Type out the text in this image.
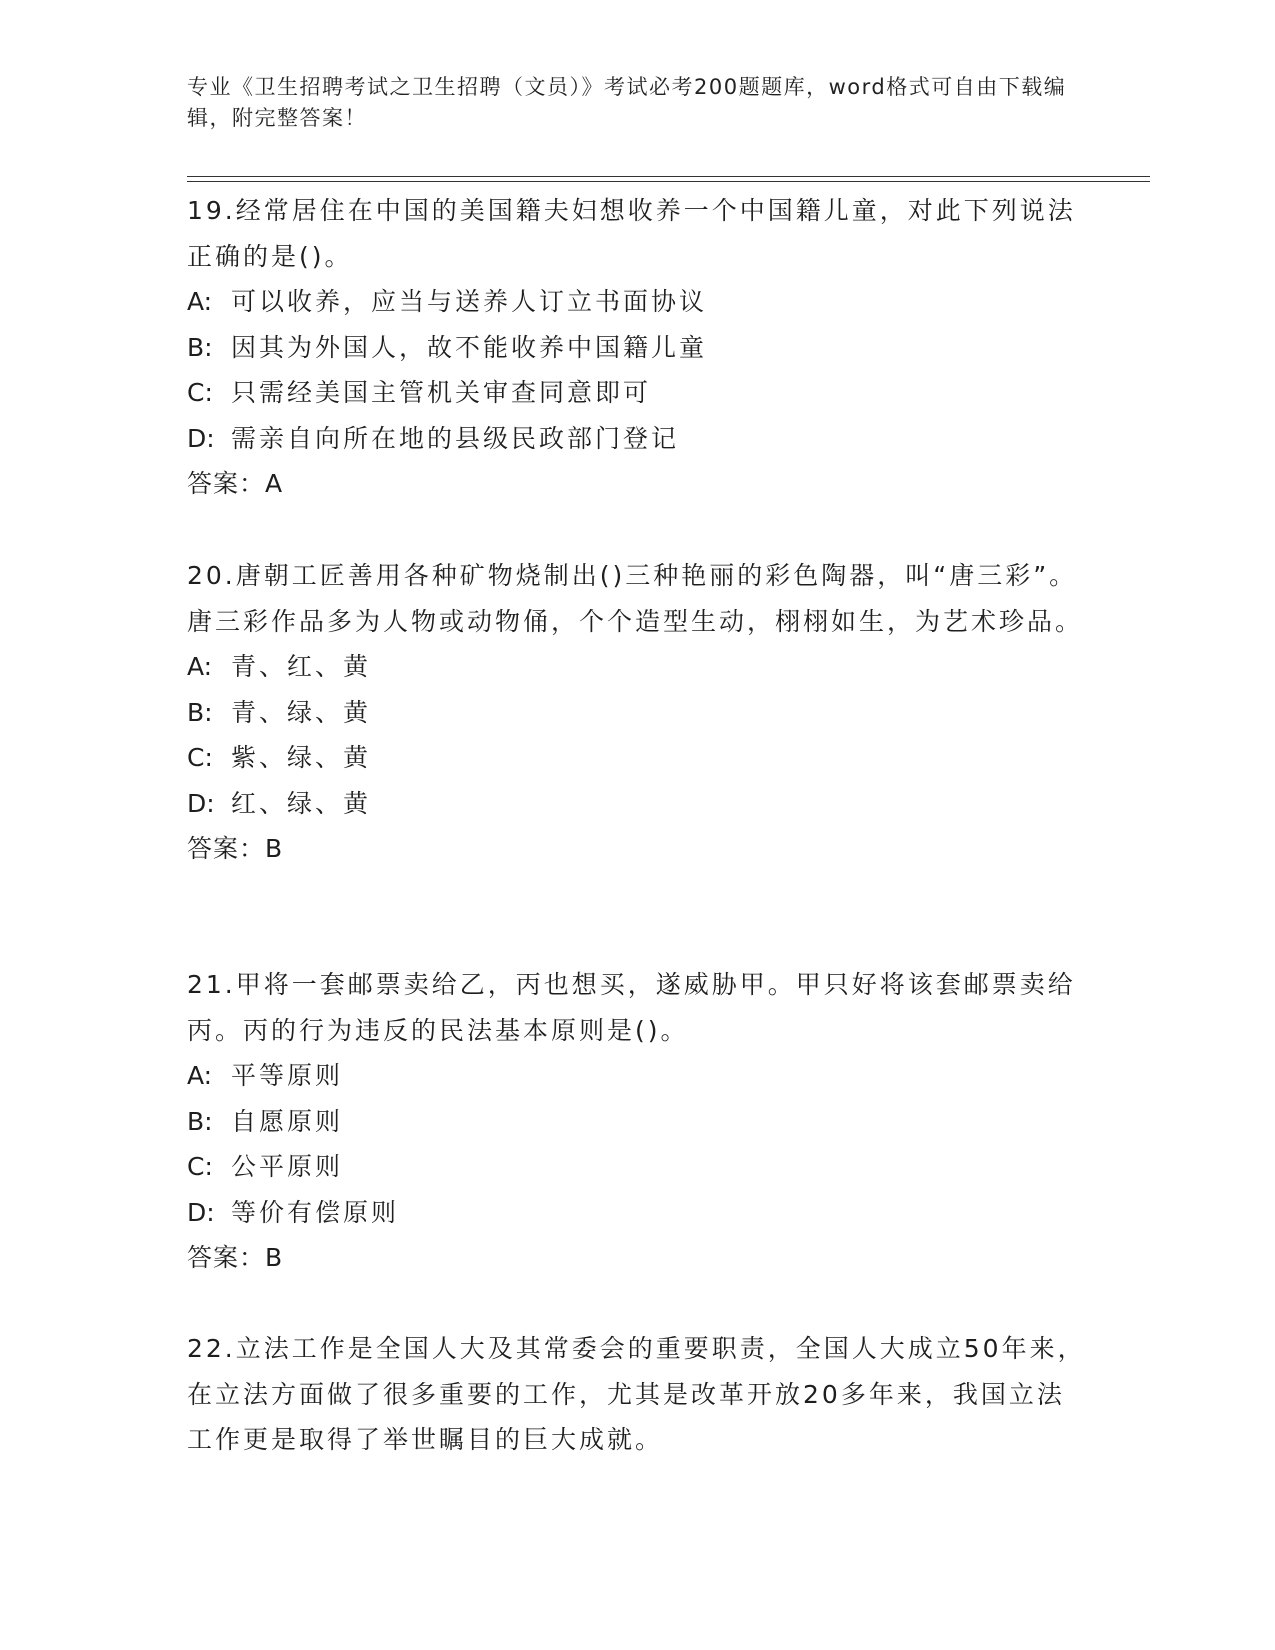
专业《卫生招聘考试之卫生招聘（文员）》考试必考200题题库，word格式可自由下载编辑，附完整答案！
19.经常居住在中国的美国籍夫妇想收养一个中国籍儿童，对此下列说法正确的是()。
A: 可以收养，应当与送养人订立书面协议
B: 因其为外国人，故不能收养中国籍儿童
C: 只需经美国主管机关审查同意即可
D: 需亲自向所在地的县级民政部门登记
答案：A
20.唐朝工匠善用各种矿物烧制出()三种艳丽的彩色陶器，叫“唐三彩”。唐三彩作品多为人物或动物俑，个个造型生动，栩栩如生，为艺术珍品。
A: 青、红、黄
B: 青、绿、黄
C: 紫、绿、黄
D: 红、绿、黄
答案：B
21.甲将一套邮票卖给乙，丙也想买，遂威胁甲。甲只好将该套邮票卖给丙。丙的行为违反的民法基本原则是()。
A: 平等原则
B: 自愿原则
C: 公平原则
D: 等价有偿原则
答案：B
22.立法工作是全国人大及其常委会的重要职责，全国人大成立50年来，在立法方面做了很多重要的工作，尤其是改革开放20多年来，我国立法工作更是取得了举世瞩目的巨大成就。
